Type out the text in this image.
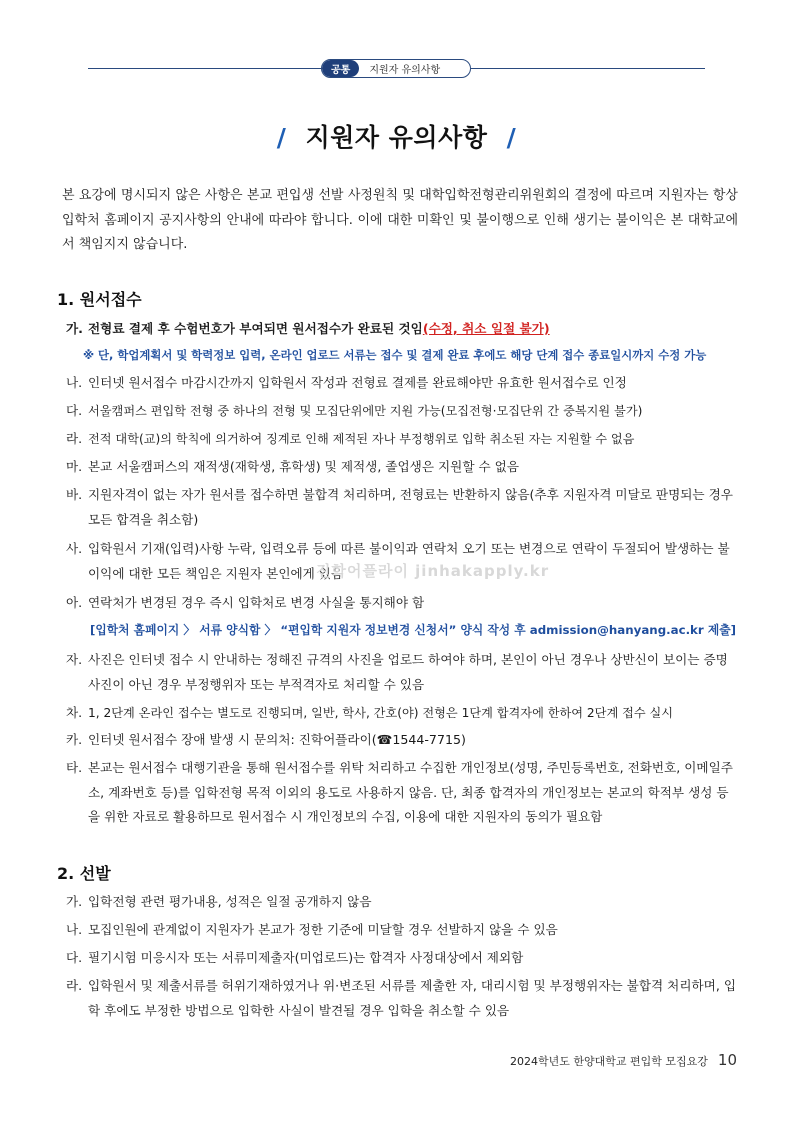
공통	지원자 유의사항
/ 지원자 유의사항 /
본 요강에 명시되지 않은 사항은 본교 편입생 선발 사정원칙 및 대학입학전형관리위원회의 결정에 따르며 지원자는 항상 입학처 홈페이지 공지사항의 안내에 따라야 합니다. 이에 대한 미확인 및 불이행으로 인해 생기는 불이익은 본 대학교에서 책임지지 않습니다.
1. 원서접수
가. 전형료 결제 후 수험번호가 부여되면 원서접수가 완료된 것임(수정, 취소 일절 불가)
※ 단, 학업계획서 및 학력정보 입력, 온라인 업로드 서류는 접수 및 결제 완료 후에도 해당 단계 접수 종료일시까지 수정 가능
나. 인터넷 원서접수 마감시간까지 입학원서 작성과 전형료 결제를 완료해야만 유효한 원서접수로 인정
다. 서울캠퍼스 편입학 전형 중 하나의 전형 및 모집단위에만 지원 가능(모집전형·모집단위 간 중복지원 불가)
라. 전적 대학(교)의 학칙에 의거하여 징계로 인해 제적된 자나 부정행위로 입학 취소된 자는 지원할 수 없음
마. 본교 서울캠퍼스의 재적생(재학생, 휴학생) 및 제적생, 졸업생은 지원할 수 없음
바. 지원자격이 없는 자가 원서를 접수하면 불합격 처리하며, 전형료는 반환하지 않음(추후 지원자격 미달로 판명되는 경우 모든 합격을 취소함)
사. 입학원서 기재(입력)사항 누락, 입력오류 등에 따른 불이익과 연락처 오기 또는 변경으로 연락이 두절되어 발생하는 불이익에 대한 모든 책임은 지원자 본인에게 있음
아. 연락처가 변경된 경우 즉시 입학처로 변경 사실을 통지해야 함
[입학처 홈페이지 〉 서류 양식함 〉 “편입학 지원자 정보변경 신청서” 양식 작성 후 admission@hanyang.ac.kr 제출]
자. 사진은 인터넷 접수 시 안내하는 정해진 규격의 사진을 업로드 하여야 하며, 본인이 아닌 경우나 상반신이 보이는 증명사진이 아닌 경우 부정행위자 또는 부적격자로 처리할 수 있음
차. 1, 2단계 온라인 접수는 별도로 진행되며, 일반, 학사, 간호(야) 전형은 1단계 합격자에 한하여 2단계 접수 실시
카. 인터넷 원서접수 장애 발생 시 문의처: 진학어플라이(☎1544-7715)
타. 본교는 원서접수 대행기관을 통해 원서접수를 위탁 처리하고 수집한 개인정보(성명, 주민등록번호, 전화번호, 이메일주소, 계좌번호 등)를 입학전형 목적 이외의 용도로 사용하지 않음. 단, 최종 합격자의 개인정보는 본교의 학적부 생성 등을 위한 자료로 활용하므로 원서접수 시 개인정보의 수집, 이용에 대한 지원자의 동의가 필요함
2. 선발
가. 입학전형 관련 평가내용, 성적은 일절 공개하지 않음
나. 모집인원에 관계없이 지원자가 본교가 정한 기준에 미달할 경우 선발하지 않을 수 있음
다. 필기시험 미응시자 또는 서류미제출자(미업로드)는 합격자 사정대상에서 제외함
라. 입학원서 및 제출서류를 허위기재하였거나 위·변조된 서류를 제출한 자, 대리시험 및 부정행위자는 불합격 처리하며, 입학 후에도 부정한 방법으로 입학한 사실이 발견될 경우 입학을 취소할 수 있음
진학어플라이 jinhakapply.kr
2024학년도 한양대학교 편입학 모집요강 10
